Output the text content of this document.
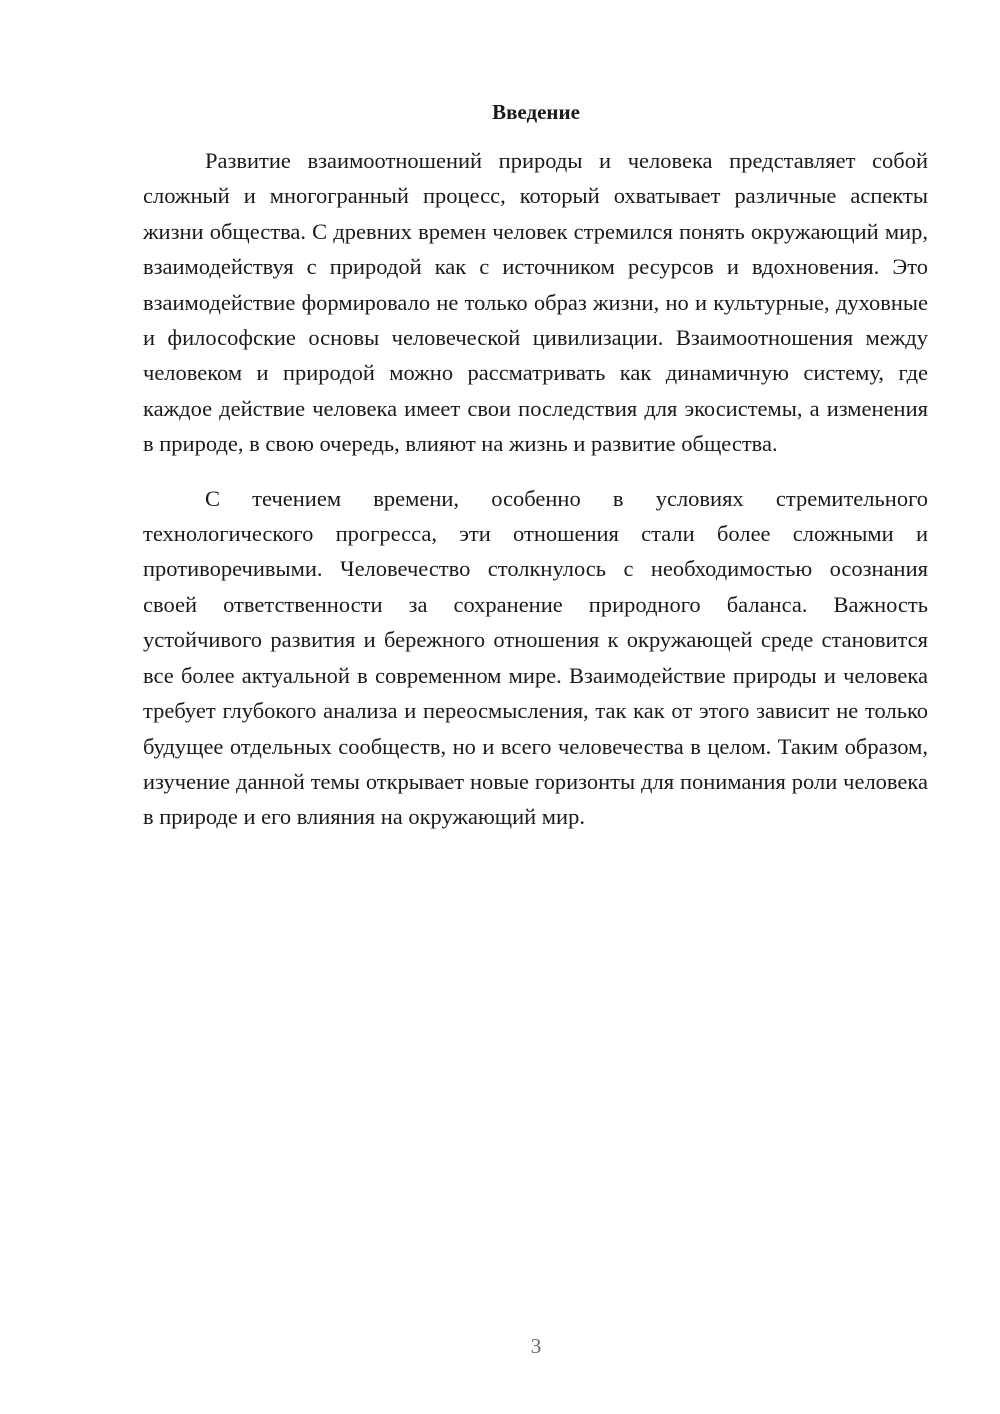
Введение

Развитие взаимоотношений природы и человека представляет собой сложный и многогранный процесс, который охватывает различные аспекты жизни общества. С древних времен человек стремился понять окружающий мир, взаимодействуя с природой как с источником ресурсов и вдохновения. Это взаимодействие формировало не только образ жизни, но и культурные, духовные и философские основы человеческой цивилизации. Взаимоотношения между человеком и природой можно рассматривать как динамичную систему, где каждое действие человека имеет свои последствия для экосистемы, а изменения в природе, в свою очередь, влияют на жизнь и развитие общества.

С течением времени, особенно в условиях стремительного технологического прогресса, эти отношения стали более сложными и противоречивыми. Человечество столкнулось с необходимостью осознания своей ответственности за сохранение природного баланса. Важность устойчивого развития и бережного отношения к окружающей среде становится все более актуальной в современном мире. Взаимодействие природы и человека требует глубокого анализа и переосмысления, так как от этого зависит не только будущее отдельных сообществ, но и всего человечества в целом. Таким образом, изучение данной темы открывает новые горизонты для понимания роли человека в природе и его влияния на окружающий мир.

3
